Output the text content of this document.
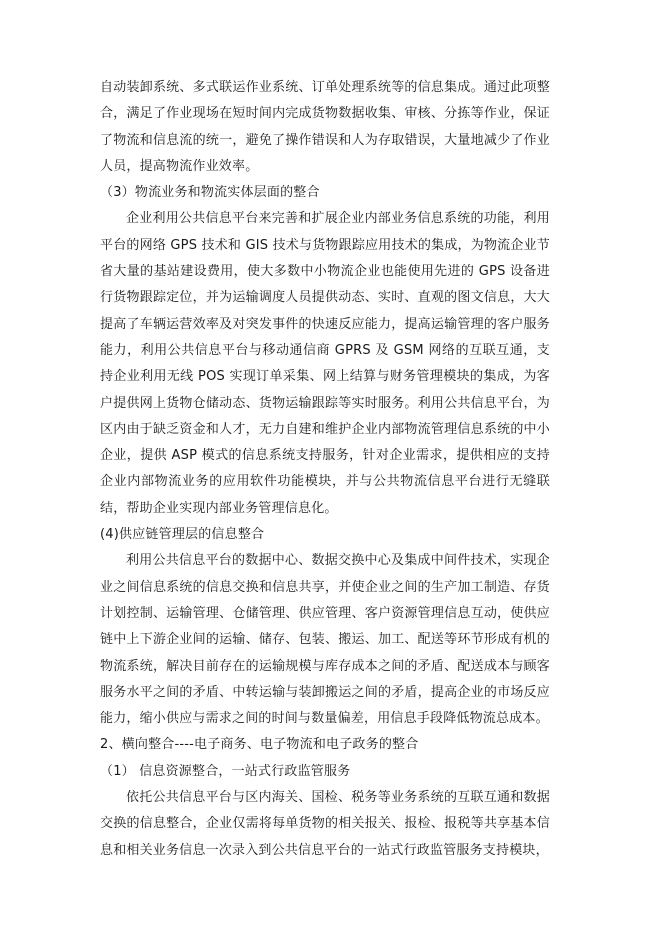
自动装卸系统、多式联运作业系统、订单处理系统等的信息集成。通过此项整合，满足了作业现场在短时间内完成货物数据收集、审核、分拣等作业，保证了物流和信息流的统一，避免了操作错误和人为存取错误，大量地减少了作业人员，提高物流作业效率。

（3）物流业务和物流实体层面的整合

企业利用公共信息平台来完善和扩展企业内部业务信息系统的功能，利用平台的网络 GPS 技术和 GIS 技术与货物跟踪应用技术的集成，为物流企业节省大量的基站建设费用，使大多数中小物流企业也能使用先进的 GPS 设备进行货物跟踪定位，并为运输调度人员提供动态、实时、直观的图文信息，大大提高了车辆运营效率及对突发事件的快速反应能力，提高运输管理的客户服务能力，利用公共信息平台与移动通信商 GPRS 及 GSM 网络的互联互通，支持企业利用无线 POS 实现订单采集、网上结算与财务管理模块的集成，为客户提供网上货物仓储动态、货物运输跟踪等实时服务。利用公共信息平台，为区内由于缺乏资金和人才，无力自建和维护企业内部物流管理信息系统的中小企业，提供 ASP 模式的信息系统支持服务，针对企业需求，提供相应的支持企业内部物流业务的应用软件功能模块，并与公共物流信息平台进行无缝联结，帮助企业实现内部业务管理信息化。

(4)供应链管理层的信息整合

利用公共信息平台的数据中心、数据交换中心及集成中间件技术，实现企业之间信息系统的信息交换和信息共享，并使企业之间的生产加工制造、存货计划控制、运输管理、仓储管理、供应管理、客户资源管理信息互动，使供应链中上下游企业间的运输、储存、包装、搬运、加工、配送等环节形成有机的物流系统，解决目前存在的运输规模与库存成本之间的矛盾、配送成本与顾客服务水平之间的矛盾、中转运输与装卸搬运之间的矛盾，提高企业的市场反应能力，缩小供应与需求之间的时间与数量偏差，用信息手段降低物流总成本。

2、横向整合----电子商务、电子物流和电子政务的整合

（1） 信息资源整合，一站式行政监管服务

依托公共信息平台与区内海关、国检、税务等业务系统的互联互通和数据交换的信息整合，企业仅需将每单货物的相关报关、报检、报税等共享基本信息和相关业务信息一次录入到公共信息平台的一站式行政监管服务支持模块，
